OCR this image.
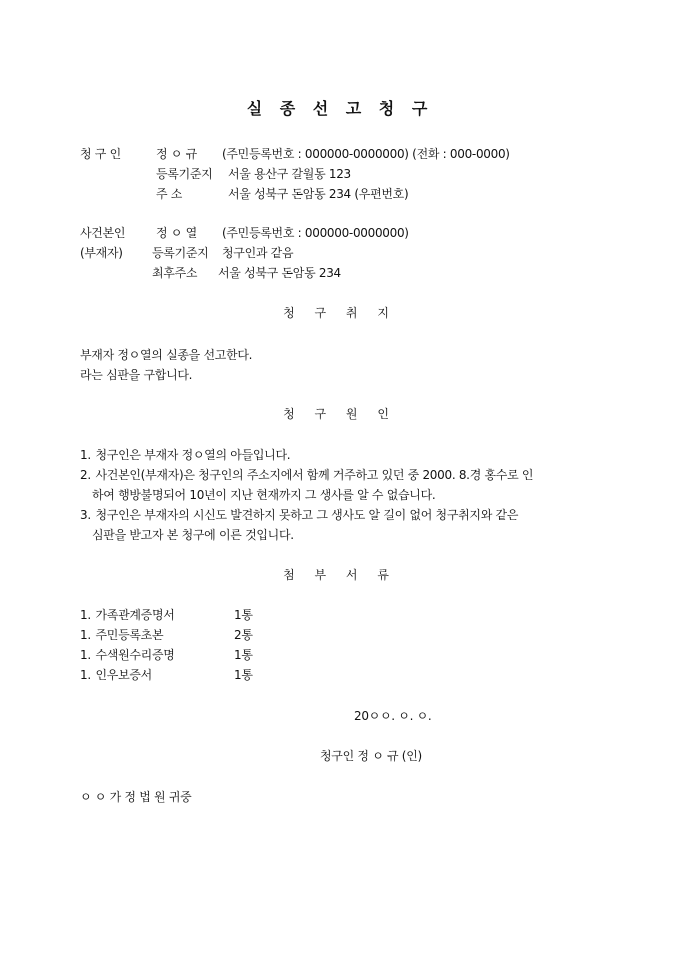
실 종 선 고 청 구
청 구 인	정 ㅇ 규 (주민등록번호 : 000000-0000000) (전화 : 000-0000)
등록기준지 서울 용산구 갈월동 123
주 소	서울 성북구 돈암동 234 (우편번호)
사건본인	정 ㅇ 열 (주민등록번호 : 000000-0000000)
(부재자) 등록기준지 청구인과 같음
최후주소 서울 성북구 돈암동 234
청 구 취 지
부재자 정ㅇ열의 실종을 선고한다.
라는 심판을 구합니다.
청 구 원 인
1. 청구인은 부재자 정ㅇ열의 아들입니다.
2. 사건본인(부재자)은 청구인의 주소지에서 함께 거주하고 있던 중 2000. 8.경 홍수로 인
하여 행방불명되어 10년이 지난 현재까지 그 생사를 알 수 없습니다.
3. 청구인은 부재자의 시신도 발견하지 못하고 그 생사도 알 길이 없어 청구취지와 같은
심판을 받고자 본 청구에 이른 것입니다.
첨 부 서 류
1. 가족관계증명서	1통
1. 주민등록초본	2통
1. 수색원수리증명	1통
1. 인우보증서	1통
20ㅇㅇ. ㅇ. ㅇ.
청구인 정 ㅇ 규 (인)
ㅇ ㅇ 가 정 법 원 귀중
